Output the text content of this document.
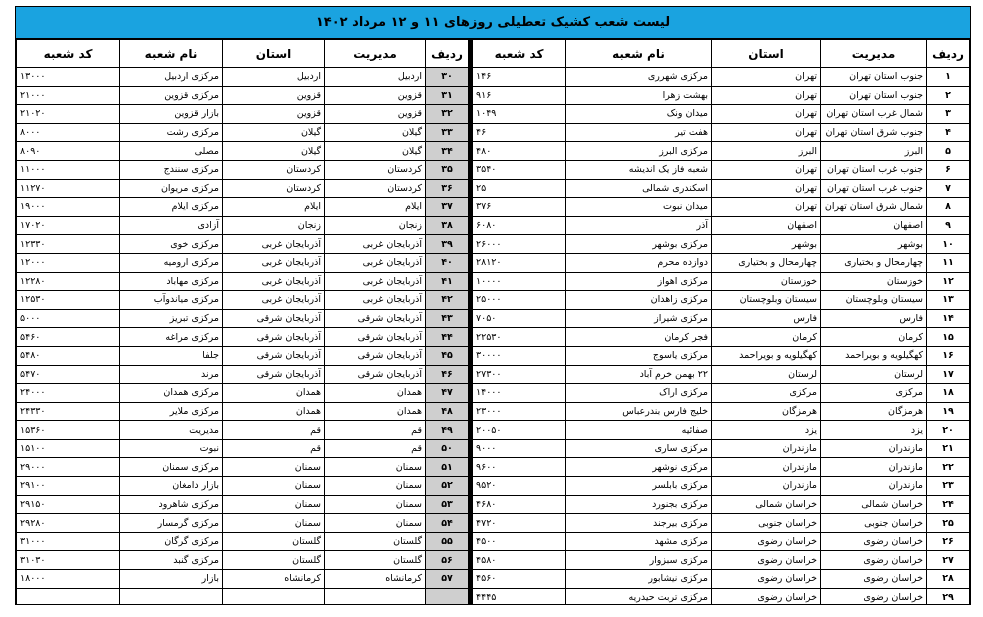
لیست شعب کشیک تعطیلی روزهای ۱۱ و ۱۲ مرداد ۱۴۰۲
ردیف	مدیریت	استان	نام شعبه	کد شعبه
۱	جنوب استان تهران	تهران	مرکزی شهرری	۱۴۶
۲	جنوب استان تهران	تهران	بهشت زهرا	۹۱۶
۳	شمال غرب استان تهران	تهران	میدان ونک	۱۰۴۹
۴	جنوب شرق استان تهران	تهران	هفت تیر	۴۶
۵	البرز	البرز	مرکزی البرز	۴۸۰
۶	جنوب غرب استان تهران	تهران	شعبه فاز یک اندیشه	۳۵۴۰
۷	جنوب غرب استان تهران	تهران	اسکندری شمالی	۲۵
۸	شمال شرق استان تهران	تهران	میدان نبوت	۳۷۶
۹	اصفهان	اصفهان	آذر	۶۰۸۰
۱۰	بوشهر	بوشهر	مرکزی بوشهر	۲۶۰۰۰
۱۱	چهارمحال و بختیاری	چهارمحال و بختیاری	دوازده محرم	۲۸۱۲۰
۱۲	خوزستان	خوزستان	مرکزی اهواز	۱۰۰۰۰
۱۳	سیستان وبلوچستان	سیستان وبلوچستان	مرکزی زاهدان	۲۵۰۰۰
۱۴	فارس	فارس	مرکزی شیراز	۷۰۵۰
۱۵	کرمان	کرمان	فجر کرمان	۲۲۵۳۰
۱۶	کهگیلویه و بویراحمد	کهگیلویه و بویراحمد	مرکزی یاسوج	۳۰۰۰۰
۱۷	لرستان	لرستان	۲۲ بهمن خرم آباد	۲۷۳۰۰
۱۸	مرکزی	مرکزی	مرکزی اراک	۱۴۰۰۰
۱۹	هرمزگان	هرمزگان	خلیج فارس بندرعباس	۲۳۰۰۰
۲۰	یزد	یزد	صفائیه	۲۰۰۵۰
۲۱	مازندران	مازندران	مرکزی ساری	۹۰۰۰
۲۲	مازندران	مازندران	مرکزی نوشهر	۹۶۰۰
۲۳	مازندران	مازندران	مرکزی بابلسر	۹۵۲۰
۲۴	خراسان شمالی	خراسان شمالی	مرکزی بجنورد	۴۶۸۰
۲۵	خراسان جنوبی	خراسان جنوبی	مرکزی بیرجند	۴۷۲۰
۲۶	خراسان رضوی	خراسان رضوی	مرکزی مشهد	۴۵۰۰
۲۷	خراسان رضوی	خراسان رضوی	مرکزی سبزوار	۴۵۸۰
۲۸	خراسان رضوی	خراسان رضوی	مرکزی نیشابور	۴۵۶۰
۲۹	خراسان رضوی	خراسان رضوی	مرکزی تربت حیدریه	۴۴۴۵
ردیف	مدیریت	استان	نام شعبه	کد شعبه
۳۰	اردبیل	اردبیل	مرکزی اردبیل	۱۳۰۰۰
۳۱	قزوین	قزوین	مرکزی قزوین	۲۱۰۰۰
۳۲	قزوین	قزوین	بازار قزوین	۲۱۰۲۰
۳۳	گیلان	گیلان	مرکزی رشت	۸۰۰۰
۳۴	گیلان	گیلان	مصلی	۸۰۹۰
۳۵	کردستان	کردستان	مرکزی سنندج	۱۱۰۰۰
۳۶	کردستان	کردستان	مرکزی مریوان	۱۱۲۷۰
۳۷	ایلام	ایلام	مرکزی ایلام	۱۹۰۰۰
۳۸	زنجان	زنجان	آزادی	۱۷۰۲۰
۳۹	آذربایجان غربی	آذربایجان غربی	مرکزی خوی	۱۲۳۳۰
۴۰	آذربایجان غربی	آذربایجان غربی	مرکزی ارومیه	۱۲۰۰۰
۴۱	آذربایجان غربی	آذربایجان غربی	مرکزی مهاباد	۱۲۲۸۰
۴۲	آذربایجان غربی	آذربایجان غربی	مرکزی میاندوآب	۱۲۵۳۰
۴۳	آذربایجان شرقی	آذربایجان شرقی	مرکزی تبریز	۵۰۰۰
۴۴	آذربایجان شرقی	آذربایجان شرقی	مرکزی مراغه	۵۴۶۰
۴۵	آذربایجان شرقی	آذربایجان شرقی	جلفا	۵۴۸۰
۴۶	آذربایجان شرقی	آذربایجان شرقی	مرند	۵۴۷۰
۴۷	همدان	همدان	مرکزی همدان	۲۴۰۰۰
۴۸	همدان	همدان	مرکزی ملایر	۲۴۳۳۰
۴۹	قم	قم	مدیریت	۱۵۳۶۰
۵۰	قم	قم	نبوت	۱۵۱۰۰
۵۱	سمنان	سمنان	مرکزی سمنان	۲۹۰۰۰
۵۲	سمنان	سمنان	بازار دامغان	۲۹۱۰۰
۵۳	سمنان	سمنان	مرکزی شاهرود	۲۹۱۵۰
۵۴	سمنان	سمنان	مرکزی گرمسار	۲۹۲۸۰
۵۵	گلستان	گلستان	مرکزی گرگان	۳۱۰۰۰
۵۶	گلستان	گلستان	مرکزی گنبد	۳۱۰۳۰
۵۷	کرمانشاه	کرمانشاه	بازار	۱۸۰۰۰
